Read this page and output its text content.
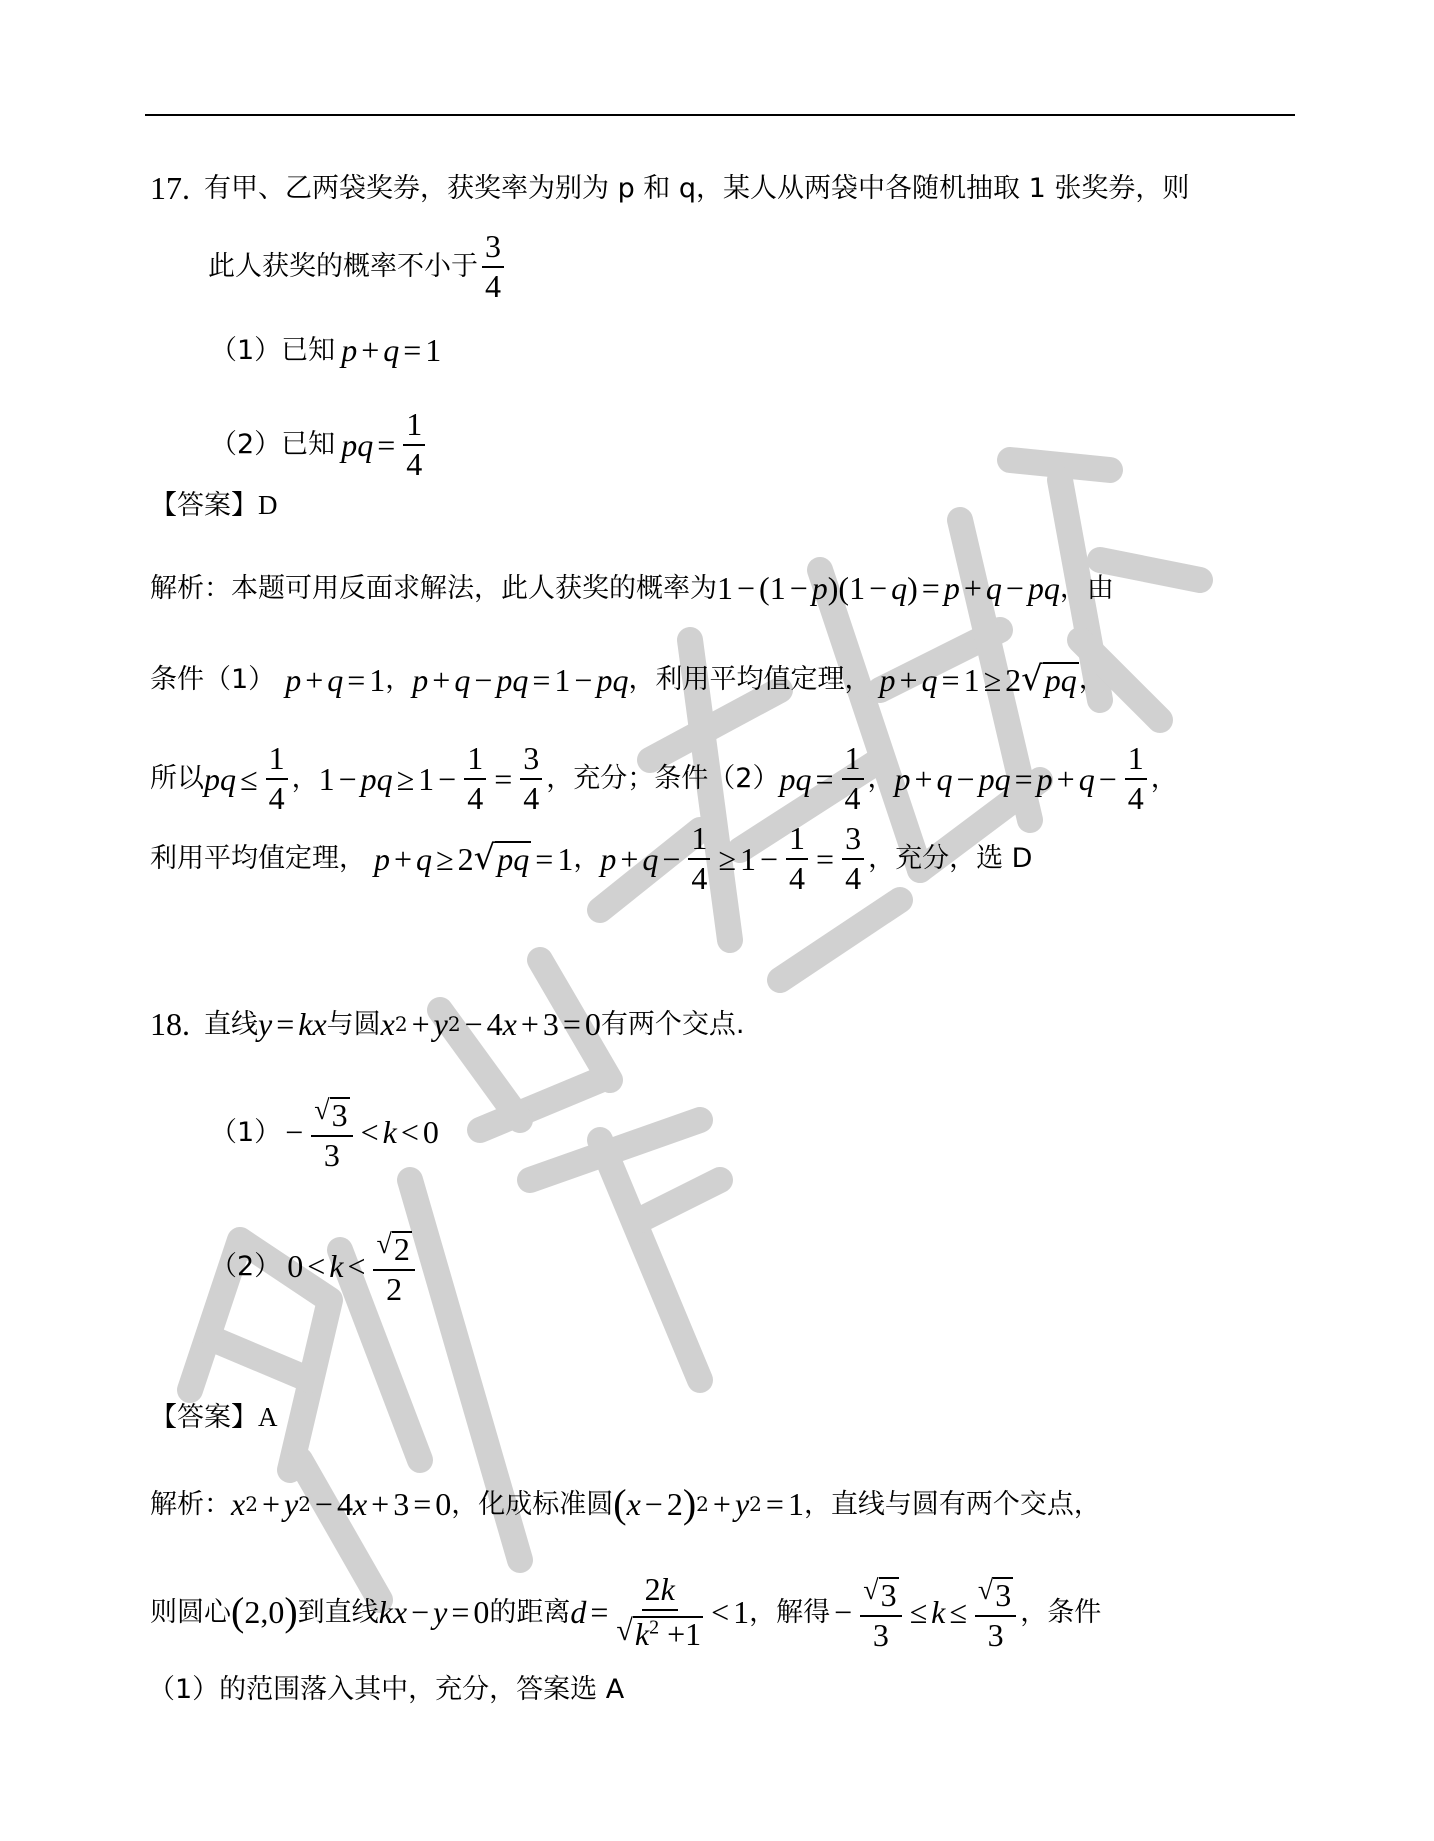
17. 有甲、乙两袋奖券，获奖率为别为 p 和 q，某人从两袋中各随机抽取 1 张奖券，则
此人获奖的概率不小于 $\frac{3}{4}$
（1）已知 p + q = 1
（2）已知 pq = $\frac{1}{4}$
【答案】 D
解析：本题可用反面求解法，此人获奖的概率为 1 − (1 − p )(1 − q ) = p + q − pq ，由
条件（1） p + q = 1 ， p + q − pq = 1 − pq ， 利用平均值定理， p + q = 1 ≥ 2 √ pq ，
所以 pq ≤ $\frac{1}{4}$ ， 1 − pq ≥ $1 - \frac{1}{4} = \frac{3}{4}$ ， 充分；条件（2） pq = $\frac{1}{4}$ ， p + q − pq = $p + q - \frac{1}{4}$ ，
利用平均值定理， p + q ≥ 2 √ pq = 1 ， $p + q - \frac{1}{4} \ge 1 - \frac{1}{4} = \frac{3}{4}$ ，充分，选 D
18. 直线 y = kx 与圆 x 2 + y 2 − 4 x + 3 = 0 有两个交点.
$(1) - \frac{√ 3}{3} < k < 0$
（2） $0 < k < \frac{√ 2}{2}$
【答案】 A
解析： x 2 + y 2 − 4 x + 3 = 0 ，化成标准圆 ( x − 2 ) 2 + y 2 = 1 ，直线与圆有两个交点，
则圆心 ( 2,0 ) 到直线 kx − y = 0 的距离 $d = \frac{2k}{√ k^2 +1} < 1$ ，解得 − $\frac{√ 3}{3} \le k \le \frac{√ 3}{3}$ ，条件
（1）的范围落入其中，充分，答案选 A
